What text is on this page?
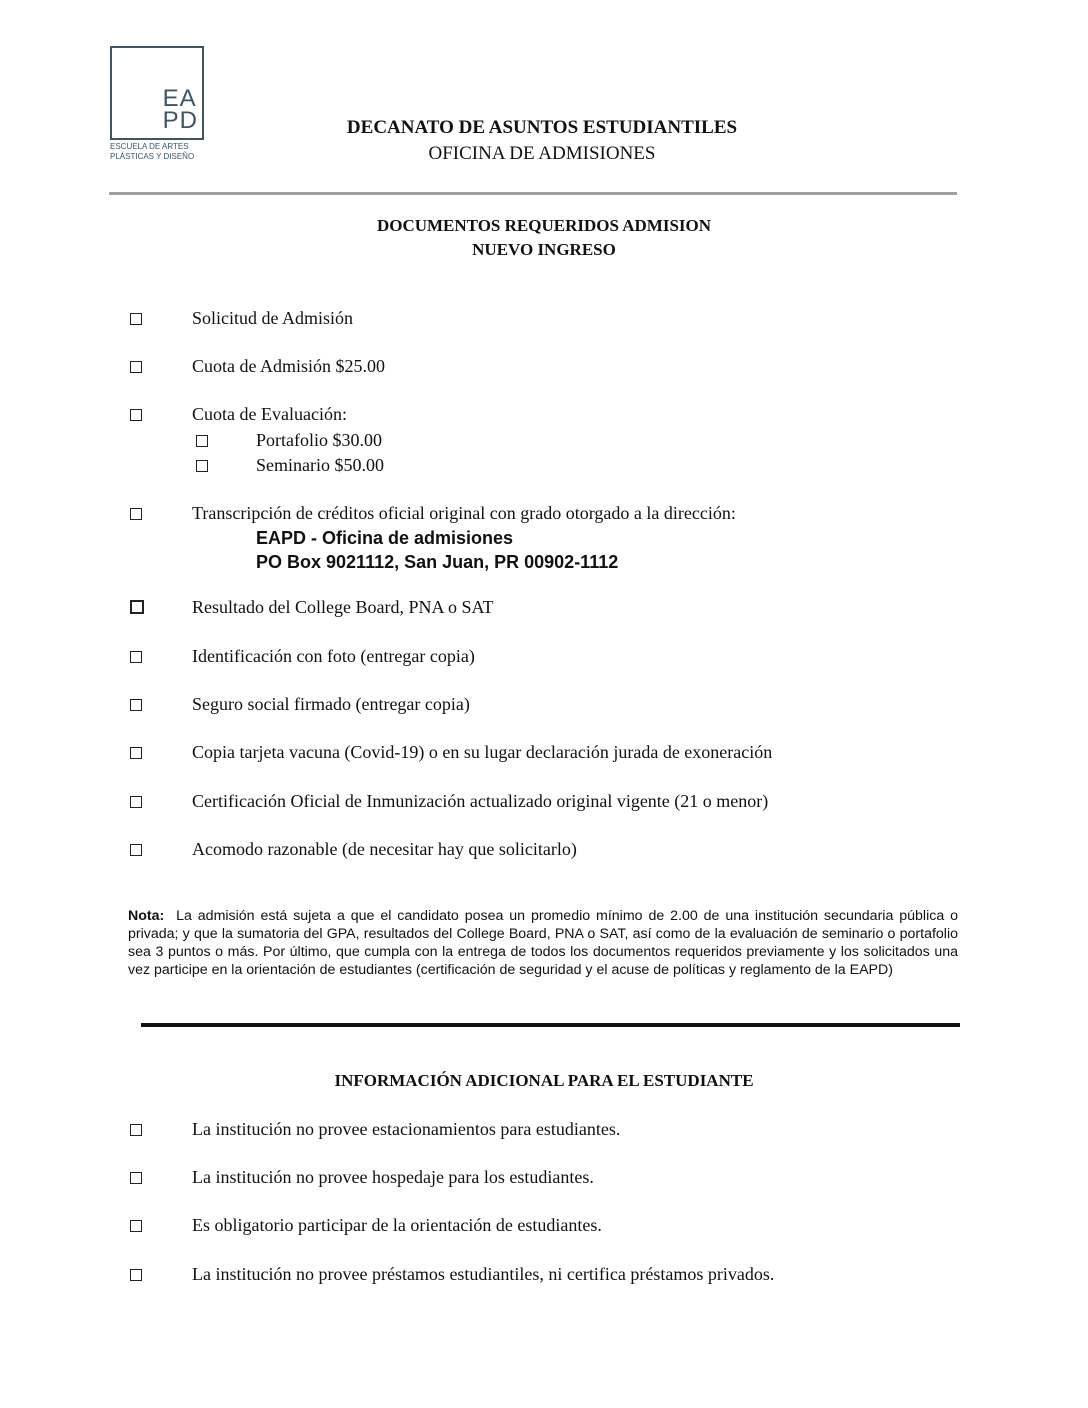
EA
PD
ESCUELA DE ARTES
PLÁSTICAS Y DISEÑO
DECANATO DE ASUNTOS ESTUDIANTILES
OFICINA DE ADMISIONES
DOCUMENTOS REQUERIDOS ADMISION
NUEVO INGRESO
Solicitud de Admisión
Cuota de Admisión $25.00
Cuota de Evaluación:
Portafolio $30.00
Seminario $50.00
Transcripción de créditos oficial original con grado otorgado a la dirección:
EAPD - Oficina de admisiones
PO Box 9021112, San Juan, PR 00902-1112
Resultado del College Board, PNA o SAT
Identificación con foto (entregar copia)
Seguro social firmado (entregar copia)
Copia tarjeta vacuna (Covid-19) o en su lugar declaración jurada de exoneración
Certificación Oficial de Inmunización actualizado original vigente (21 o menor)
Acomodo razonable (de necesitar hay que solicitarlo)
Nota: La admisión está sujeta a que el candidato posea un promedio mínimo de 2.00 de una institución secundaria pública o privada; y que la sumatoria del GPA, resultados del College Board, PNA o SAT, así como de la evaluación de seminario o portafolio sea 3 puntos o más. Por último, que cumpla con la entrega de todos los documentos requeridos previamente y los solicitados una vez participe en la orientación de estudiantes (certificación de seguridad y el acuse de políticas y reglamento de la EAPD)
INFORMACIÓN ADICIONAL PARA EL ESTUDIANTE
La institución no provee estacionamientos para estudiantes.
La institución no provee hospedaje para los estudiantes.
Es obligatorio participar de la orientación de estudiantes.
La institución no provee préstamos estudiantiles, ni certifica préstamos privados.
